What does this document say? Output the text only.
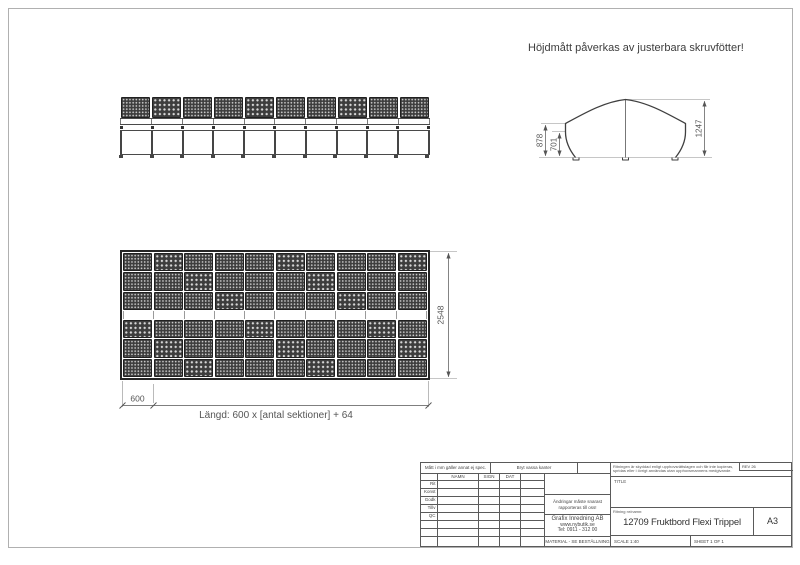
Höjdmått påverkas av justerbara skruvfötter!
878 701
1247
2548
600
Längd: 600 x [antal sektioner] + 64
Mått i mm gäller annat ej spec.	Bryt vassa kanter
NAMN	SIGN	DAT
Rit
Konst
Godk
Tillv
QC
Ändringar måste snarast
rapporteras till oss!
Grafix Inredning AB
www.nybutik.se
Tel: 0911 - 312 00
MATERIAL - SE BESTÄLLNING
Ritningen är skyddad enligt upphovsrättslagen och får inte kopieras,
spridas eller i övrigt användas utan upphovsmannens medgivande.
REV 26
TITLE
Ritning nr/namn:
12709 Fruktbord Flexi Trippel	A3
SCALE 1:40	SHEET 1 OF 1
